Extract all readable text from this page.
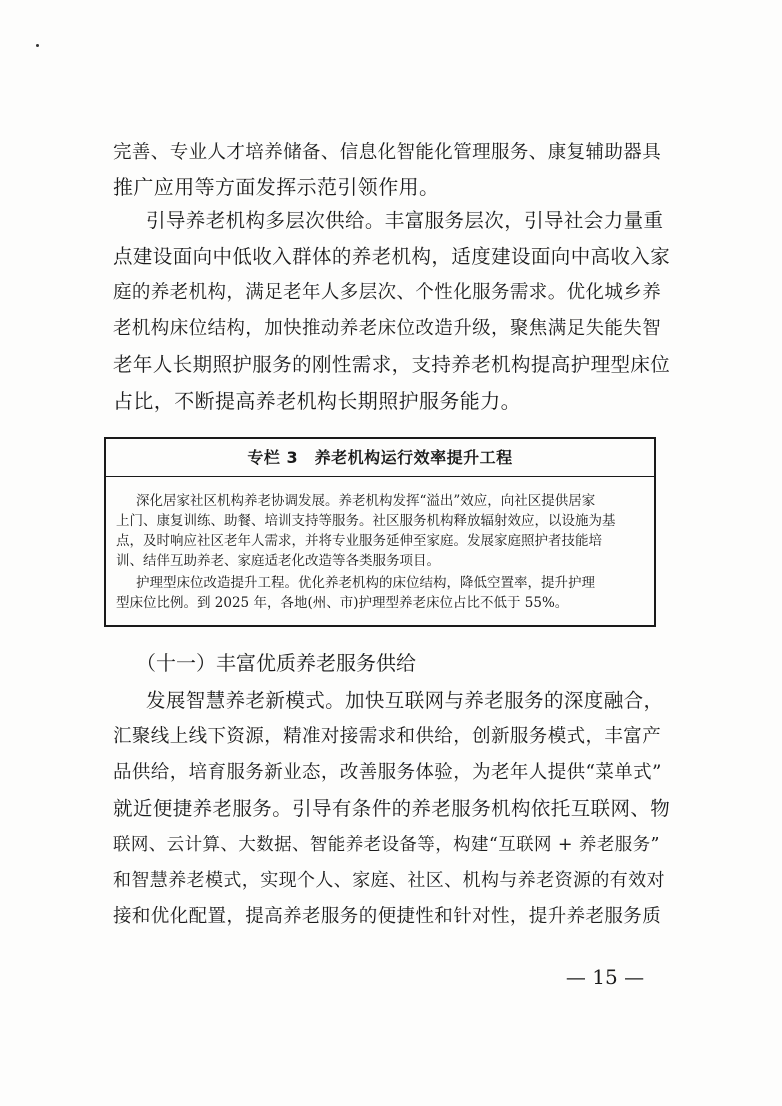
完善、专业人才培养储备、信息化智能化管理服务、康复辅助器具
推广应用等方面发挥示范引领作用。
引导养老机构多层次供给。丰富服务层次，引导社会力量重
点建设面向中低收入群体的养老机构，适度建设面向中高收入家
庭的养老机构，满足老年人多层次、个性化服务需求。优化城乡养
老机构床位结构，加快推动养老床位改造升级，聚焦满足失能失智
老年人长期照护服务的刚性需求，支持养老机构提高护理型床位
占比，不断提高养老机构长期照护服务能力。
专栏 3　养老机构运行效率提升工程
深化居家社区机构养老协调发展。养老机构发挥“溢出”效应，向社区提供居家
上门、康复训练、助餐、培训支持等服务。社区服务机构释放辐射效应，以设施为基
点，及时响应社区老年人需求，并将专业服务延伸至家庭。发展家庭照护者技能培
训、结伴互助养老、家庭适老化改造等各类服务项目。
护理型床位改造提升工程。优化养老机构的床位结构，降低空置率，提升护理
型床位比例。到 2025 年，各地(州、市)护理型养老床位占比不低于 55%。
（十一）丰富优质养老服务供给
发展智慧养老新模式。加快互联网与养老服务的深度融合，
汇聚线上线下资源，精准对接需求和供给，创新服务模式，丰富产
品供给，培育服务新业态，改善服务体验，为老年人提供“菜单式”
就近便捷养老服务。引导有条件的养老服务机构依托互联网、物
联网、云计算、大数据、智能养老设备等，构建“互联网 + 养老服务”
和智慧养老模式，实现个人、家庭、社区、机构与养老资源的有效对
接和优化配置，提高养老服务的便捷性和针对性，提升养老服务质
— 15 —
